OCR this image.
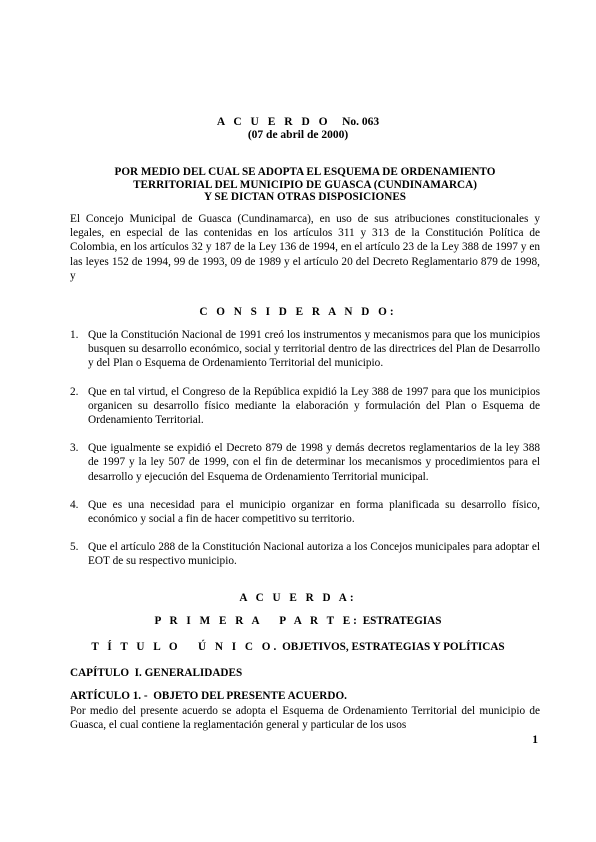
A C U E R D O No. 063
(07 de abril de 2000)
POR MEDIO DEL CUAL SE ADOPTA EL ESQUEMA DE ORDENAMIENTO
TERRITORIAL DEL MUNICIPIO DE GUASCA (CUNDINAMARCA)
Y SE DICTAN OTRAS DISPOSICIONES
El Concejo Municipal de Guasca (Cundinamarca), en uso de sus atribuciones constitucionales y legales, en especial de las contenidas en los artículos 311 y 313 de la Constitución Política de Colombia, en los artículos 32 y 187 de la Ley 136 de 1994, en el artículo 23 de la Ley 388 de 1997 y en las leyes 152 de 1994, 99 de 1993, 09 de 1989 y el artículo 20 del Decreto Reglamentario 879 de 1998, y
C O N S I D E R A N D O:
1. Que la Constitución Nacional de 1991 creó los instrumentos y mecanismos para que los municipios busquen su desarrollo económico, social y territorial dentro de las directrices del Plan de Desarrollo y del Plan o Esquema de Ordenamiento Territorial del municipio.
2. Que en tal virtud, el Congreso de la República expidió la Ley 388 de 1997 para que los municipios organicen su desarrollo físico mediante la elaboración y formulación del Plan o Esquema de Ordenamiento Territorial.
3. Que igualmente se expidió el Decreto 879 de 1998 y demás decretos reglamentarios de la ley 388 de 1997 y la ley 507 de 1999, con el fin de determinar los mecanismos y procedimientos para el desarrollo y ejecución del Esquema de Ordenamiento Territorial municipal.
4. Que es una necesidad para el municipio organizar en forma planificada su desarrollo físico, económico y social a fin de hacer competitivo su territorio.
5. Que el artículo 288 de la Constitución Nacional autoriza a los Concejos municipales para adoptar el EOT de su respectivo municipio.
A C U E R D A:
P R I M E R A   P A R T E: ESTRATEGIAS
T Í T U L O   Ú N I C O. OBJETIVOS, ESTRATEGIAS Y POLÍTICAS
CAPÍTULO  I. GENERALIDADES
ARTÍCULO 1. -  OBJETO DEL PRESENTE ACUERDO.
Por medio del presente acuerdo se adopta el Esquema de Ordenamiento Territorial del municipio de Guasca, el cual contiene la reglamentación general y particular de los usos
1
